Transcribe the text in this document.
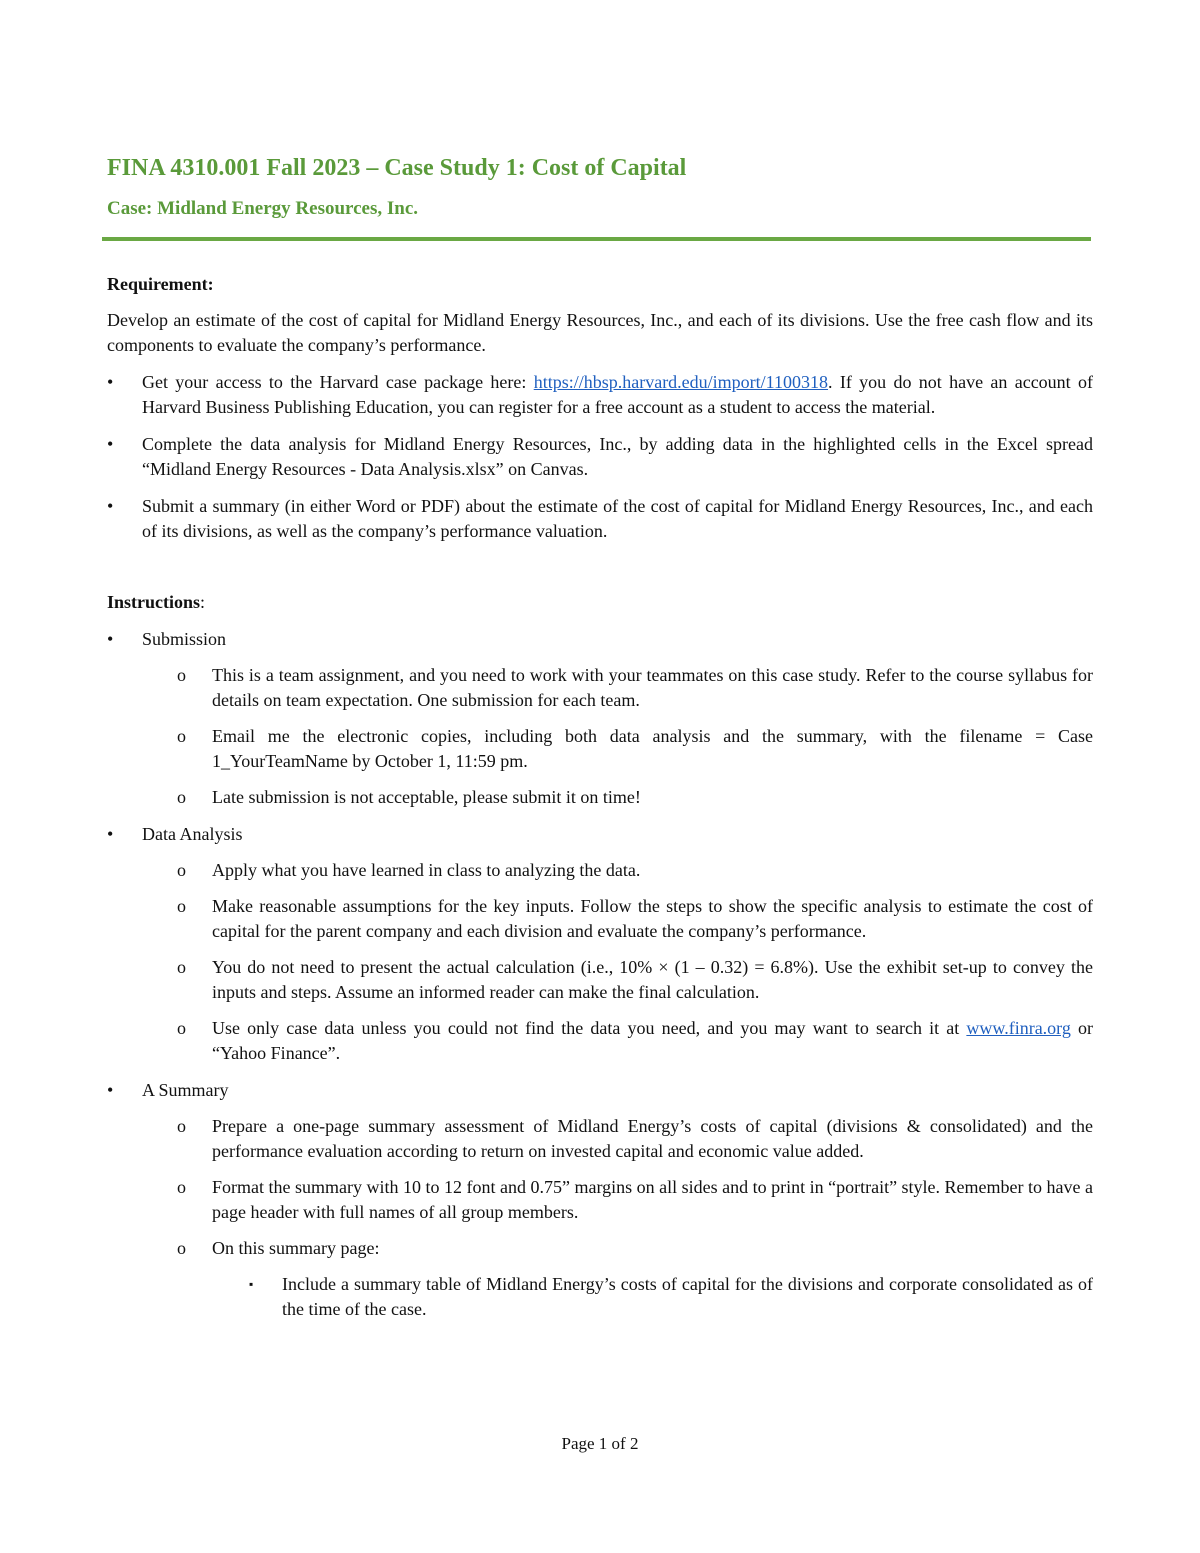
FINA 4310.001 Fall 2023 – Case Study 1: Cost of Capital
Case: Midland Energy Resources, Inc.
Requirement:

Develop an estimate of the cost of capital for Midland Energy Resources, Inc., and each of its divisions. Use the free cash flow and its components to evaluate the company’s performance.

•	Get your access to the Harvard case package here: https://hbsp.harvard.edu/import/1100318. If you do not have an account of Harvard Business Publishing Education, you can register for a free account as a student to access the material.
•	Complete the data analysis for Midland Energy Resources, Inc., by adding data in the highlighted cells in the Excel spread “Midland Energy Resources - Data Analysis.xlsx” on Canvas.
•	Submit a summary (in either Word or PDF) about the estimate of the cost of capital for Midland Energy Resources, Inc., and each of its divisions, as well as the company’s performance valuation.
Instructions:
•	Submission
o This is a team assignment, and you need to work with your teammates on this case study. Refer to the course syllabus for details on team expectation. One submission for each team.
o Email me the electronic copies, including both data analysis and the summary, with the filename = Case 1_YourTeamName by October 1, 11:59 pm.
o Late submission is not acceptable, please submit it on time!
•	Data Analysis
o Apply what you have learned in class to analyzing the data.
o Make reasonable assumptions for the key inputs. Follow the steps to show the specific analysis to estimate the cost of capital for the parent company and each division and evaluate the company’s performance.
o You do not need to present the actual calculation (i.e., 10% × (1 – 0.32) = 6.8%). Use the exhibit set-up to convey the inputs and steps. Assume an informed reader can make the final calculation.
o Use only case data unless you could not find the data you need, and you may want to search it at www.finra.org or “Yahoo Finance”.
•	A Summary
o Prepare a one-page summary assessment of Midland Energy’s costs of capital (divisions & consolidated) and the performance evaluation according to return on invested capital and economic value added.
o Format the summary with 10 to 12 font and 0.75” margins on all sides and to print in “portrait” style. Remember to have a page header with full names of all group members.
o On this summary page:
▪ Include a summary table of Midland Energy’s costs of capital for the divisions and corporate consolidated as of the time of the case.
Page 1 of 2
